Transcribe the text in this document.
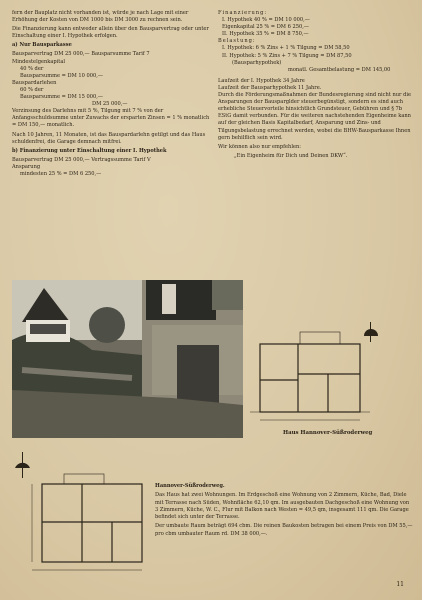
fern der Bauplatz nicht vorhanden ist, würde je nach Lage mit einer Erhöhung der Kosten von DM 1000 bis DM 3000 zu rechnen sein.

Die Finanzierung kann entweder allein über den Bausparvertrag oder unter Einschaltung einer I. Hypothek erfolgen.

a) Nur Bausparkasse

Bausparvertrag DM 25 000,— Bausparsumme Tarif 7
Mindestelgenkapital
40 % der
Bausparsumme = DM 10 000,—
Bauspardarlehen
60 % der
Bausparsumme = DM 15 000,—
DM 25 000,—

Verzinsung des Darlehns mit 5 %, Tilgung mit 7 % von der Anfangsschuldsumme unter Zuwachs der ersparten Zinsen = 1 % monatlich = DM 150,— monatlich.

Nach 10 Jahren, 11 Monaten, ist das Bauspardarlehn getilgt und das Haus schuldenfrei, die Garage demnach mitfrei.

b) Finanzierung unter Einschaltung einer I. Hypothek

Bausparvertrag DM 25 000,— Vertragssumme Tarif V
Ansparung
mindesten 25 % = DM 6 250,—
Finanzierung:
I. Hypothek 40 % = DM 10 000,—
Eigenkapital 25 % = DM 6 250,—
II. Hypothek 35 % = DM 8 750,—
Belastung:
I. Hypothek: 6 % Zins + 1 % Tilgung = DM 58,50
II. Hypothek: 5 % Zins + 7 % Tilgung = DM 87,50
(Bausparhypothek)
monatl. Gesamtbelastung = DM 145,00
Laufzeit der I. Hypothek 34 Jahre
Laufzeit der Bausparhypothek 11 Jahre.

Durch die Förderungsmaßnahmen der Bundesregierung sind nicht nur die Ansparungen der Bausparglder steuerbegünstigt, sondern es sind auch erhebliche Steuervorteile hinsichtlich Grundsteuer, Gebühren und § 7b EStG damit verbunden. Für die weiteren nachstehenden Eigenheime kann auf der gleichen Basis Kapitalbedarf, Ansparung und Zins- und Tilgungsbelastung errechnet werden, wobei die BHW-Bausparkasse Ihnen gern behilflich sein wird.

Wir können also nur empfehlen:

„Ein Eigenheim für Dich und Deinen DKW“.

Haus Hannover-Süßroderweg

Hannover-Süßroderweg.

Das Haus hat zwei Wohnungen. Im Erdgeschoß eine Wohnung von 2 Zimmern, Küche, Bad, Diele mit Terrasse nach Süden, Wohnfläche 62,10 qm. Im ausgebauten Dachgeschoß eine Wohnung von 3 Zimmern, Küche, W. C., Flur mit Balkon nach Westen = 49,5 qm, insgesamt 111 qm. Die Garage befindet sich unter der Terrasse.

Der umbaute Raum beträgt 694 cbm. Die reinen Baukosten betragen bei einem Preis von DM 55,— pro cbm umbauter Raum rd. DM 38 000,—.

11
